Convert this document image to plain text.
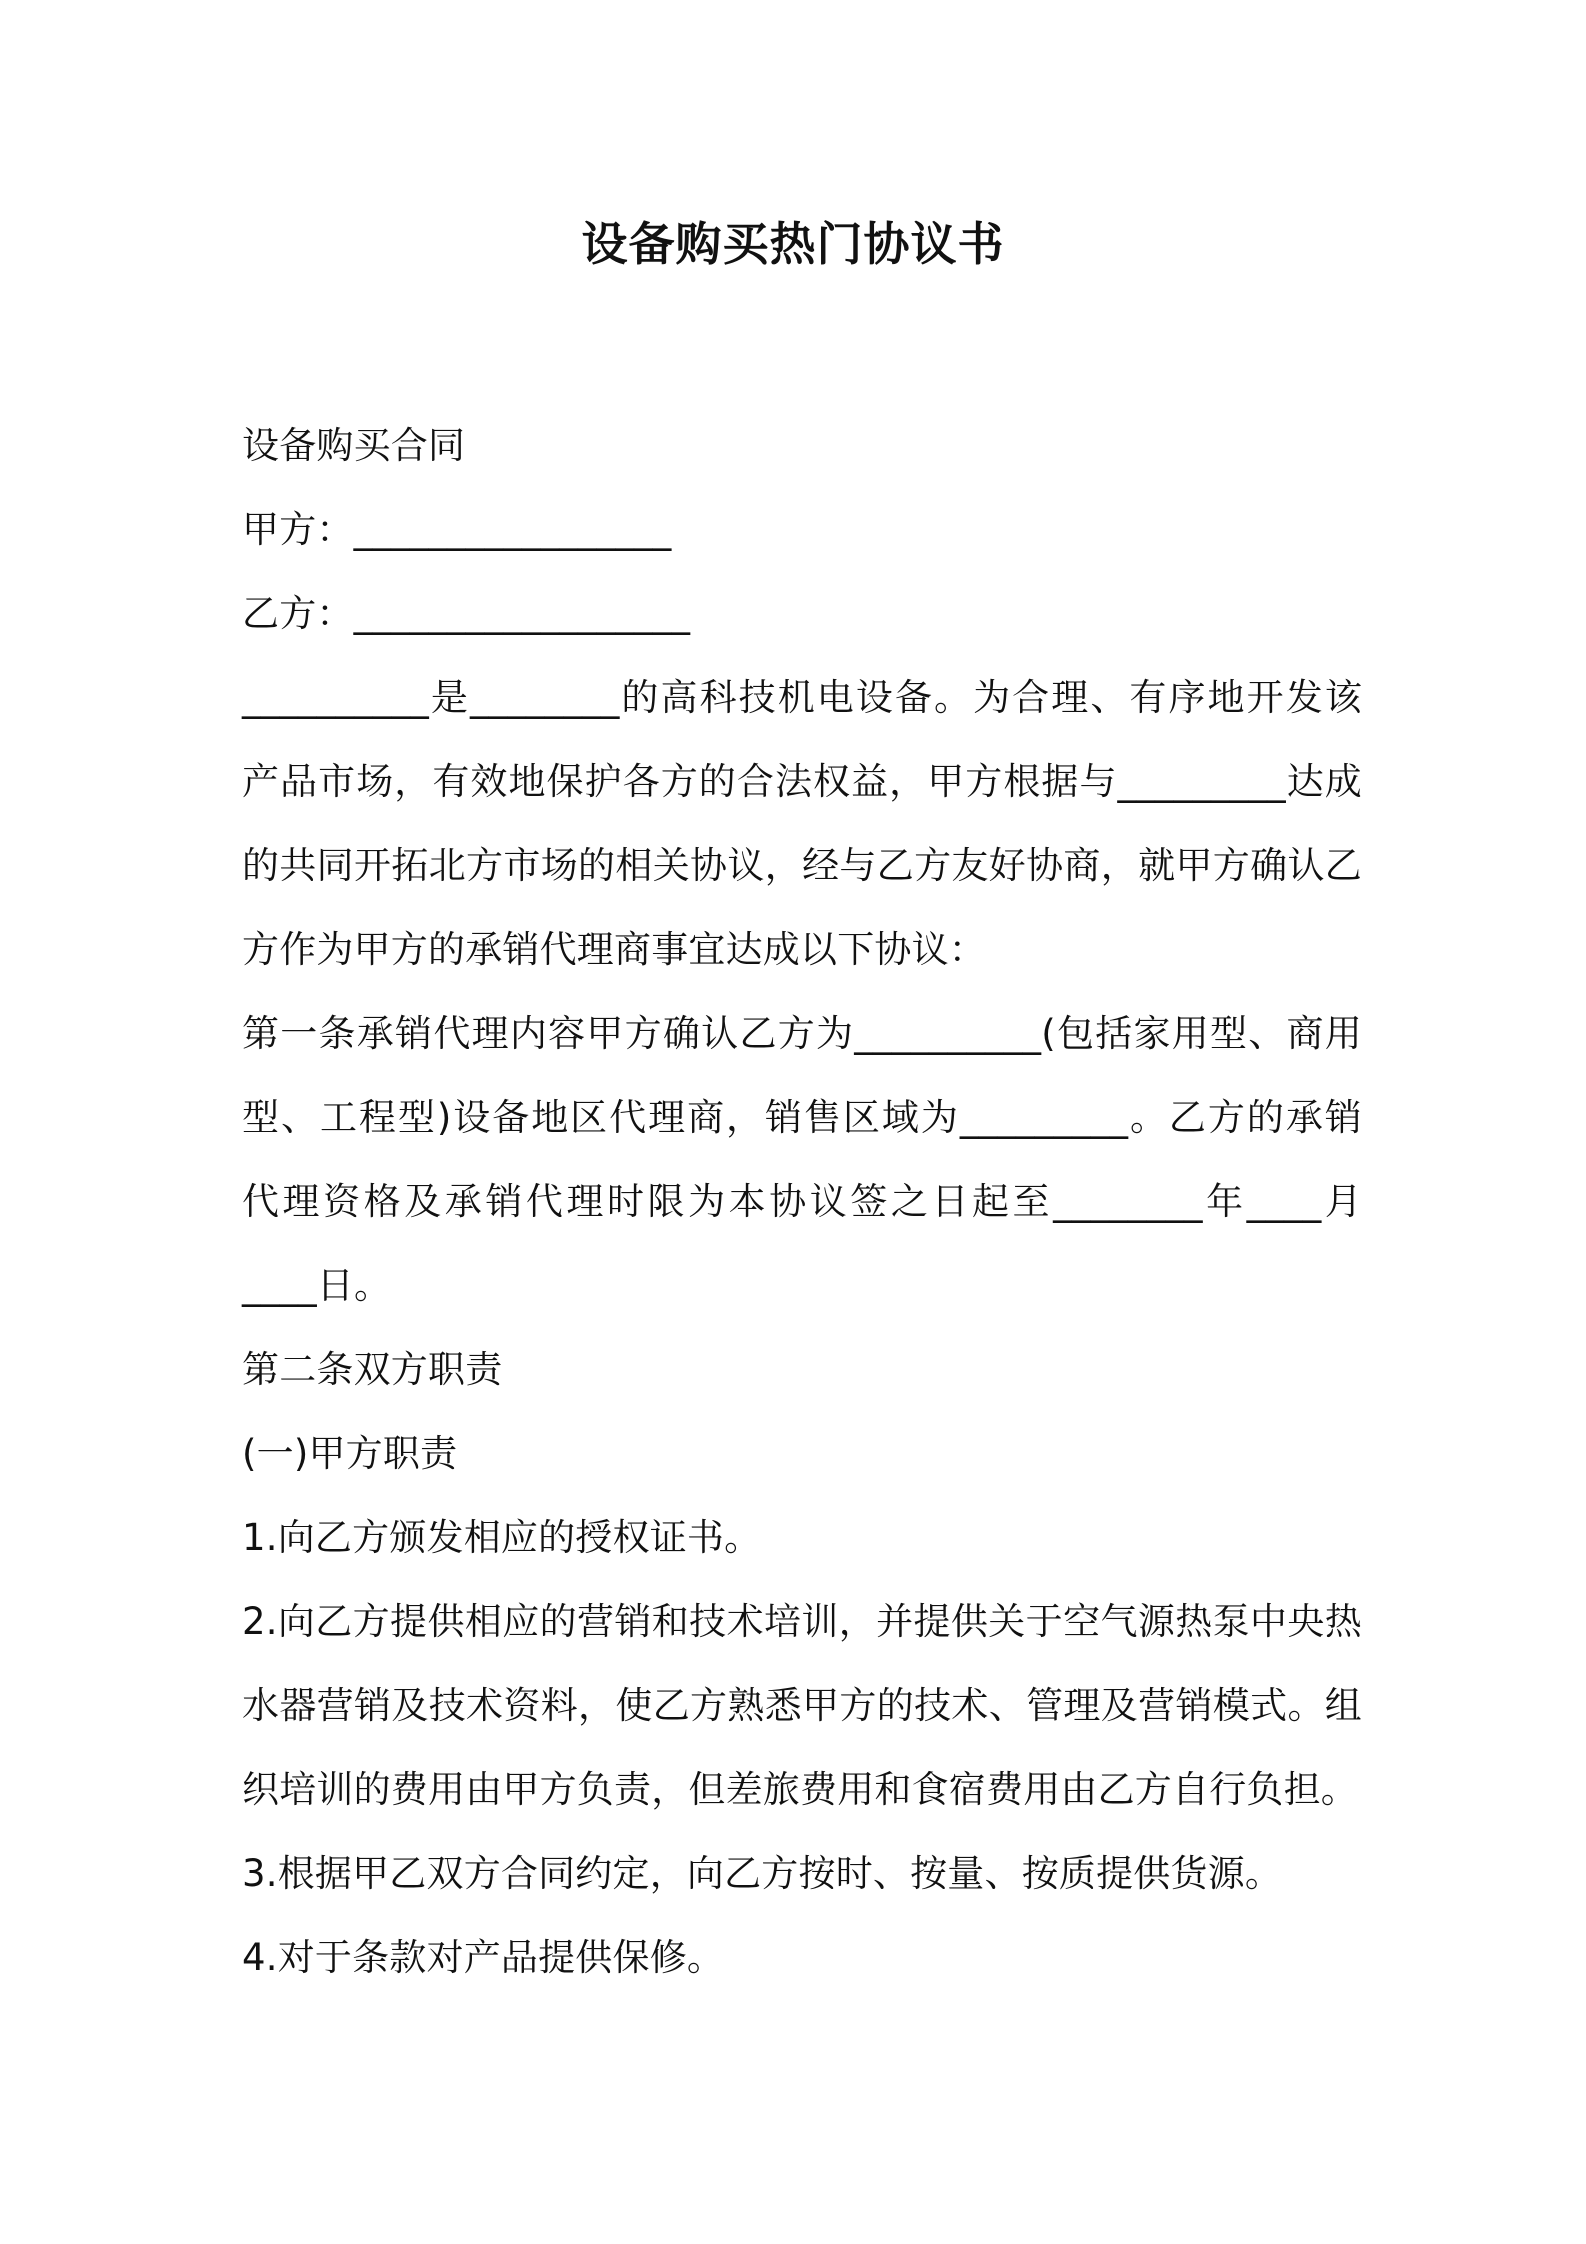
设备购买热门协议书
设备购买合同
甲方：_________________
乙方：__________________
__________是________的高科技机电设备。为合理、有序地开发该
产品市场，有效地保护各方的合法权益，甲方根据与_________达成
的共同开拓北方市场的相关协议，经与乙方友好协商，就甲方确认乙
方作为甲方的承销代理商事宜达成以下协议：
第一条承销代理内容甲方确认乙方为__________(包括家用型、商用
型、工程型)设备地区代理商，销售区域为_________。乙方的承销
代理资格及承销代理时限为本协议签之日起至________年____月
____日。
第二条双方职责
(一)甲方职责
1.向乙方颁发相应的授权证书。
2.向乙方提供相应的营销和技术培训，并提供关于空气源热泵中央热
水器营销及技术资料，使乙方熟悉甲方的技术、管理及营销模式。组
织培训的费用由甲方负责，但差旅费用和食宿费用由乙方自行负担。
3.根据甲乙双方合同约定，向乙方按时、按量、按质提供货源。
4.对于条款对产品提供保修。
